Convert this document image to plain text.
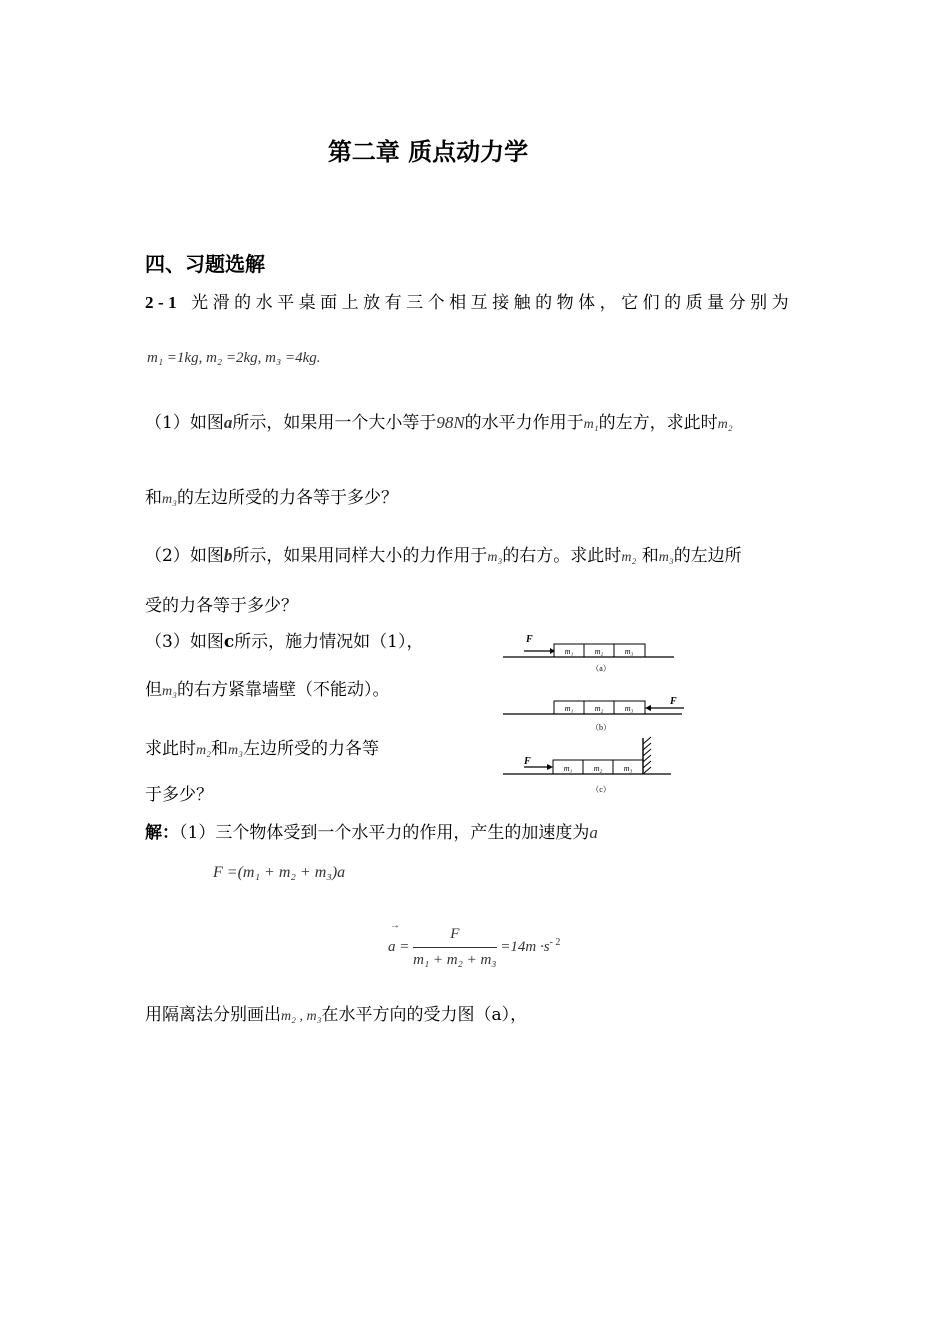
第二章 质点动力学
四、习题选解
2-1 光滑的水平桌面上放有三个相互接触的物体，它们的质量分别为
m₁ =1kg, m₂ =2kg, m₃ =4kg.
（1）如图a所示，如果用一个大小等于98N的水平力作用于m₁的左方，求此时m₂
和m₃的左边所受的力各等于多少？
（2）如图b所示，如果用同样大小的力作用于m₃的右方。求此时m₂ 和m₃的左边所
受的力各等于多少？
（3）如图c所示，施力情况如（1），
但m₃的右方紧靠墙壁（不能动）。
求此时m₂和m₃左边所受的力各等
于多少？
F
m₁	m₂	m₃
（a）
m₁	m₂	m₃
F
（b）
F
m₁	m₂	m₃
（c）
解：（1）三个物体受到一个水平力的作用，产生的加速度为a
F =(m₁ + m₂ + m₃)a
→
$a = \frac{F}{\text{m₁ + m₂ + m₃}} =14m \cdot s^{- 2}$
用隔离法分别画出m₂ , m₃在水平方向的受力图（a），
